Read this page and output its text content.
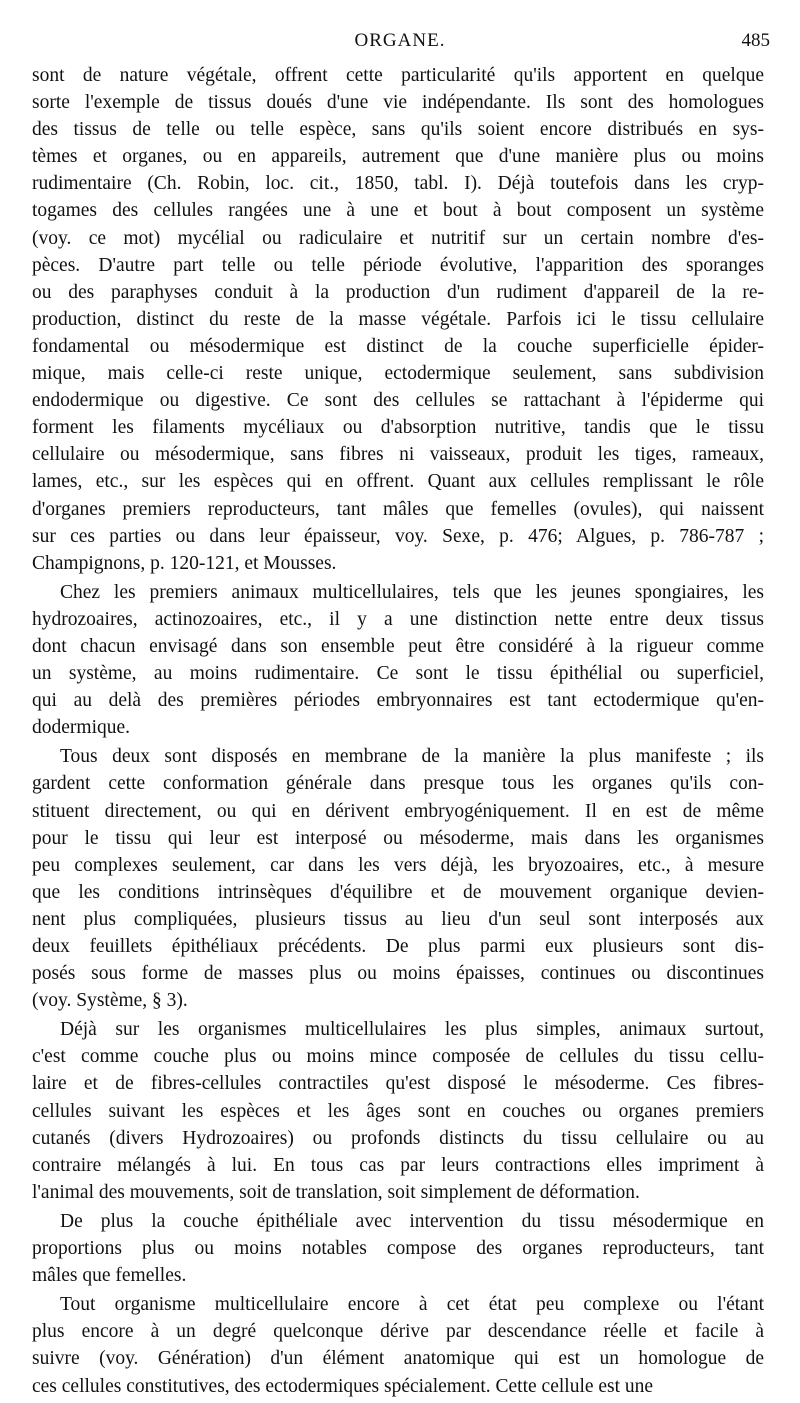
ORGANE.	485
sont de nature végétale, offrent cette particularité qu'ils apportent en quelque
sorte l'exemple de tissus doués d'une vie indépendante. Ils sont des homologues
des tissus de telle ou telle espèce, sans qu'ils soient encore distribués en sys-
tèmes et organes, ou en appareils, autrement que d'une manière plus ou moins
rudimentaire (Ch. Robin, loc. cit., 1850, tabl. I). Déjà toutefois dans les cryp-
togames des cellules rangées une à une et bout à bout composent un système
(voy. ce mot) mycélial ou radiculaire et nutritif sur un certain nombre d'es-
pèces. D'autre part telle ou telle période évolutive, l'apparition des sporanges
ou des paraphyses conduit à la production d'un rudiment d'appareil de la re-
production, distinct du reste de la masse végétale. Parfois ici le tissu cellulaire
fondamental ou mésodermique est distinct de la couche superficielle épider-
mique, mais celle-ci reste unique, ectodermique seulement, sans subdivision
endodermique ou digestive. Ce sont des cellules se rattachant à l'épiderme qui
forment les filaments mycéliaux ou d'absorption nutritive, tandis que le tissu
cellulaire ou mésodermique, sans fibres ni vaisseaux, produit les tiges, rameaux,
lames, etc., sur les espèces qui en offrent. Quant aux cellules remplissant le rôle
d'organes premiers reproducteurs, tant mâles que femelles (ovules), qui naissent
sur ces parties ou dans leur épaisseur, voy. Sexe, p. 476; Algues, p. 786-787 ;
Champignons, p. 120-121, et Mousses.
Chez les premiers animaux multicellulaires, tels que les jeunes spongiaires, les
hydrozoaires, actinozoaires, etc., il y a une distinction nette entre deux tissus
dont chacun envisagé dans son ensemble peut être considéré à la rigueur comme
un système, au moins rudimentaire. Ce sont le tissu épithélial ou superficiel,
qui au delà des premières périodes embryonnaires est tant ectodermique qu'en-
dodermique.
Tous deux sont disposés en membrane de la manière la plus manifeste ; ils
gardent cette conformation générale dans presque tous les organes qu'ils con-
stituent directement, ou qui en dérivent embryogéniquement. Il en est de même
pour le tissu qui leur est interposé ou mésoderme, mais dans les organismes
peu complexes seulement, car dans les vers déjà, les bryozoaires, etc., à mesure
que les conditions intrinsèques d'équilibre et de mouvement organique devien-
nent plus compliquées, plusieurs tissus au lieu d'un seul sont interposés aux
deux feuillets épithéliaux précédents. De plus parmi eux plusieurs sont dis-
posés sous forme de masses plus ou moins épaisses, continues ou discontinues
(voy. Système, § 3).
Déjà sur les organismes multicellulaires les plus simples, animaux surtout,
c'est comme couche plus ou moins mince composée de cellules du tissu cellu-
laire et de fibres-cellules contractiles qu'est disposé le mésoderme. Ces fibres-
cellules suivant les espèces et les âges sont en couches ou organes premiers
cutanés (divers Hydrozoaires) ou profonds distincts du tissu cellulaire ou au
contraire mélangés à lui. En tous cas par leurs contractions elles impriment à
l'animal des mouvements, soit de translation, soit simplement de déformation.
De plus la couche épithéliale avec intervention du tissu mésodermique en
proportions plus ou moins notables compose des organes reproducteurs, tant
mâles que femelles.
Tout organisme multicellulaire encore à cet état peu complexe ou l'étant
plus encore à un degré quelconque dérive par descendance réelle et facile à
suivre (voy. Génération) d'un élément anatomique qui est un homologue de
ces cellules constitutives, des ectodermiques spécialement. Cette cellule est une
